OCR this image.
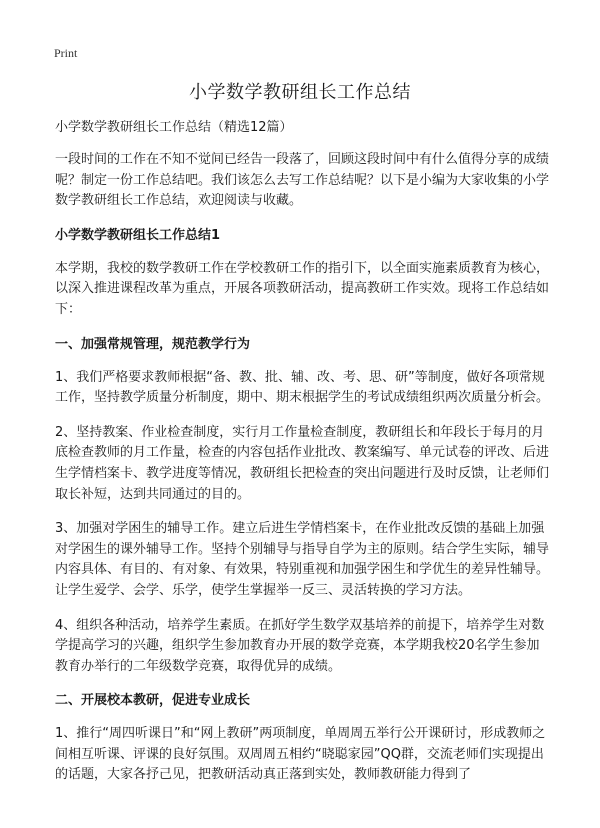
Print
小学数学教研组长工作总结

小学数学教研组长工作总结（精选12篇）

一段时间的工作在不知不觉间已经告一段落了，回顾这段时间中有什么值得分享的成绩呢？制定一份工作总结吧。我们该怎么去写工作总结呢？以下是小编为大家收集的小学数学教研组长工作总结，欢迎阅读与收藏。

小学数学教研组长工作总结1

本学期，我校的数学教研工作在学校教研工作的指引下，以全面实施素质教育为核心，以深入推进课程改革为重点，开展各项教研活动，提高教研工作实效。现将工作总结如下：

一、加强常规管理，规范教学行为

1、我们严格要求教师根据“备、教、批、辅、改、考、思、研”等制度，做好各项常规工作，坚持教学质量分析制度，期中、期末根据学生的考试成绩组织两次质量分析会。

2、坚持教案、作业检查制度，实行月工作量检查制度，教研组长和年段长于每月的月底检查教师的月工作量，检查的内容包括作业批改、教案编写、单元试卷的评改、后进生学情档案卡、教学进度等情况，教研组长把检查的突出问题进行及时反馈，让老师们取长补短，达到共同通过的目的。

3、加强对学困生的辅导工作。建立后进生学情档案卡，在作业批改反馈的基础上加强对学困生的课外辅导工作。坚持个别辅导与指导自学为主的原则。结合学生实际，辅导内容具体、有目的、有对象、有效果，特别重视和加强学困生和学优生的差异性辅导。让学生爱学、会学、乐学，使学生掌握举一反三、灵活转换的学习方法。

4、组织各种活动，培养学生素质。在抓好学生数学双基培养的前提下，培养学生对数学提高学习的兴趣，组织学生参加教育办开展的数学竞赛，本学期我校20名学生参加教育办举行的二年级数学竞赛，取得优异的成绩。

二、开展校本教研，促进专业成长

1、推行“周四听课日”和“网上教研”两项制度，单周周五举行公开课研讨，形成教师之间相互听课、评课的良好氛围。双周周五相约“晓聪家园”QQ群，交流老师们实现提出的话题，大家各抒己见，把教研活动真正落到实处，教师教研能力得到了
